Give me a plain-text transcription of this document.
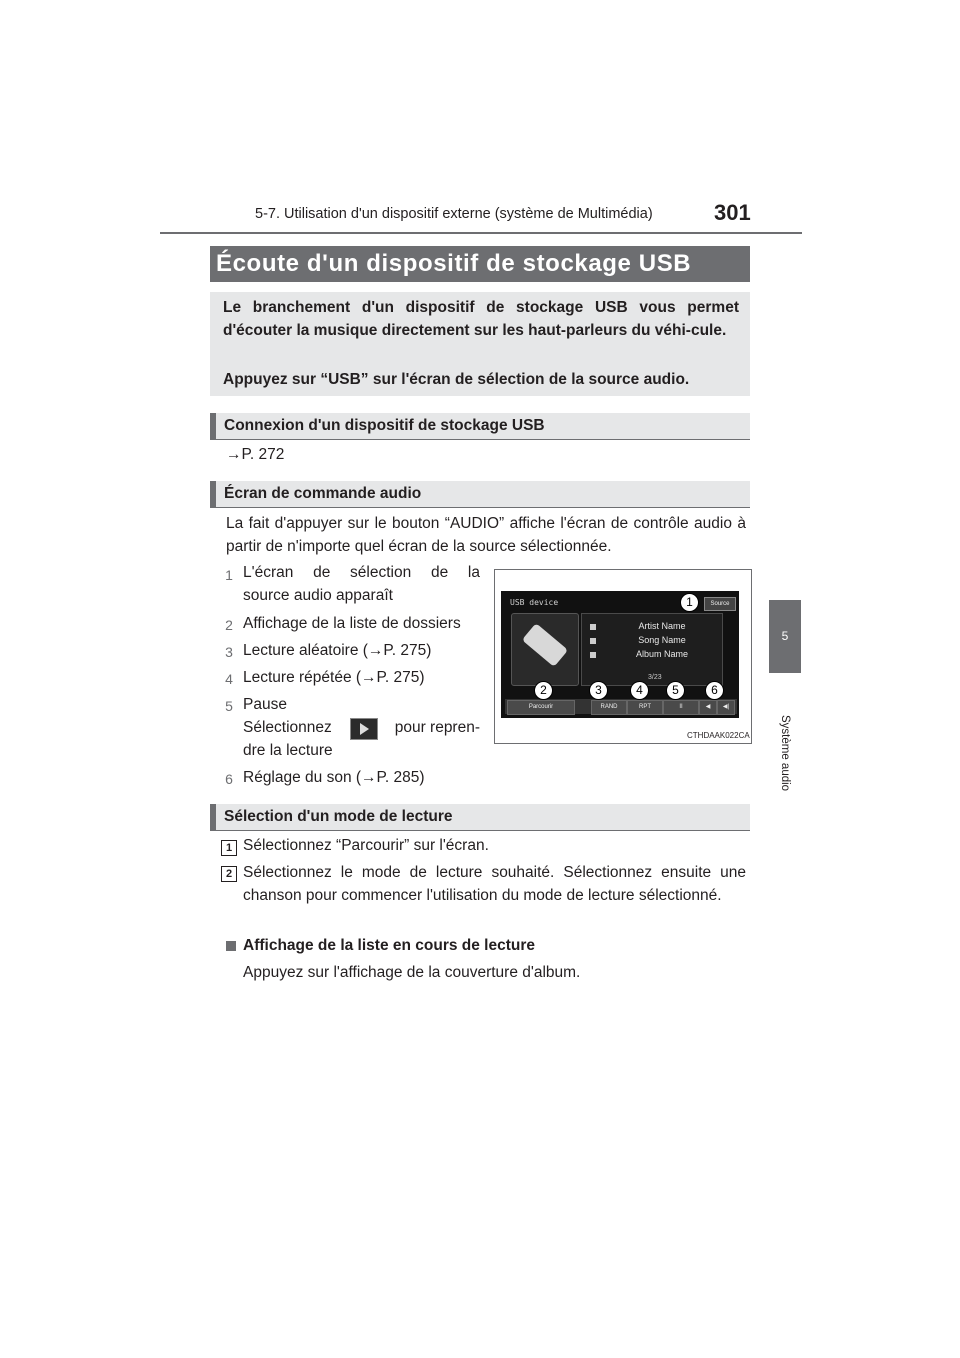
5-7. Utilisation d'un dispositif externe (système de Multimédia)	301
5
Système audio
Écoute d'un dispositif de stockage USB
Le branchement d'un dispositif de stockage USB vous permet d'écouter la musique directement sur les haut-parleurs du véhi-cule.
Appuyez sur “USB” sur l'écran de sélection de la source audio.
Connexion d'un dispositif de stockage USB
→P. 272
Écran de commande audio
La fait d'appuyer sur le bouton “AUDIO” affiche l'écran de contrôle audio à partir de n'importe quel écran de la source sélectionnée.
1 L'écran de sélection de la
source audio apparaît
2 Affichage de la liste de dossiers
3 Lecture aléatoire (→P. 275)
4 Lecture répétée (→P. 275)
5 Pause
Sélectionnez	pour repren-
dre la lecture
6 Réglage du son (→P. 285)
USB device	Source
Artist Name
Song Name
Album Name
3/23
Parcourir	RAND	RPT	II	◀	◀|
1
2	3	4	5	6
CTHDAAK022CA
Sélection d'un mode de lecture
1 Sélectionnez “Parcourir” sur l'écran.
2 Sélectionnez le mode de lecture souhaité. Sélectionnez ensuite une chanson pour commencer l'utilisation du mode de lecture sélectionné.
Affichage de la liste en cours de lecture
Appuyez sur l'affichage de la couverture d'album.
